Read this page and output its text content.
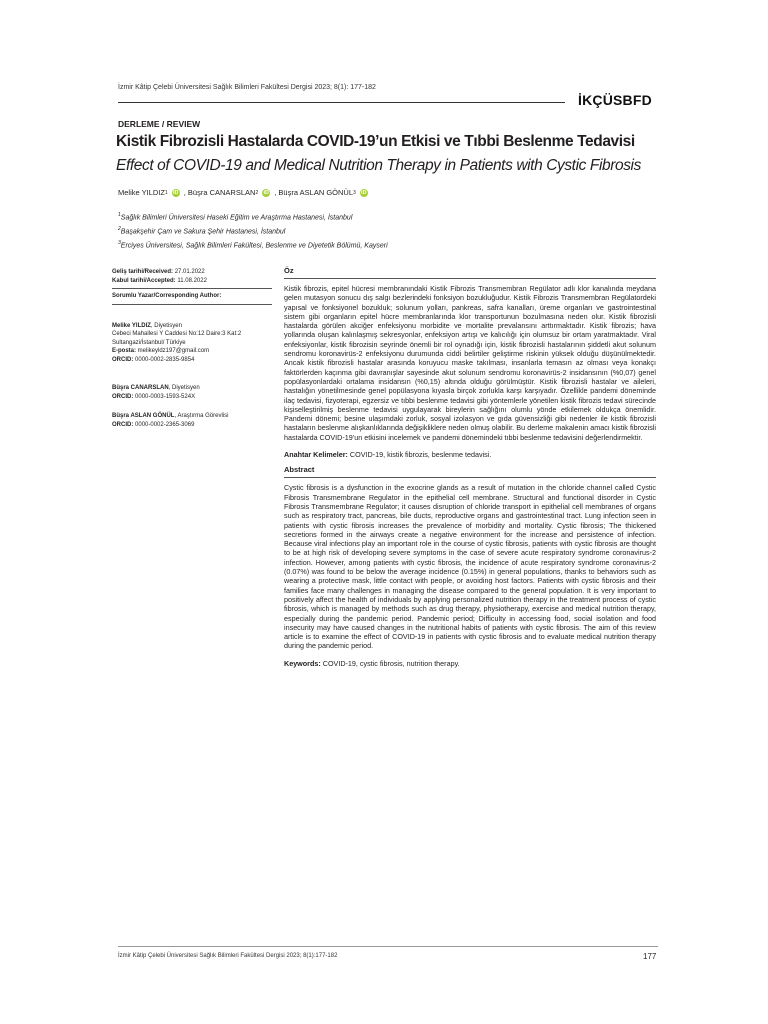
İzmir Kâtip Çelebi Üniversitesi Sağlık Bilimleri Fakültesi Dergisi 2023; 8(1): 177-182
İKÇÜSBFD
DERLEME / REVIEW
Kistik Fibrozisli Hastalarda COVID-19’un Etkisi ve Tıbbi Beslenme Tedavisi
Effect of COVID-19 and Medical Nutrition Therapy in Patients with Cystic Fibrosis
Melike YILDIZ 1 iD , Büşra CANARSLAN 2 iD , Büşra ASLAN GÖNÜL 3 iD
$^1$Sağlık Bilimleri Üniversitesi Haseki Eğitim ve Araştırma Hastanesi, İstanbul
$^2$Başakşehir Çam ve Sakura Şehir Hastanesi, İstanbul
$^3$Erciyes Üniversitesi, Sağlık Bilimleri Fakültesi, Beslenme ve Diyetetik Bölümü, Kayseri
Geliş tarihi/Received: 27.01.2022
Kabul tarihi/Accepted: 11.08.2022
Sorumlu Yazar/Corresponding Author:
Melike YILDIZ, Diyetisyen
Cebeci Mahallesi Y Caddesi No:12 Daire:3 Kat:2
Sultangazi/İstanbul/ Türkiye
E-posta: melikeyldz197@gmail.com
ORCID: 0000-0002-2835-9854
Büşra CANARSLAN, Diyetisyen
ORCID: 0000-0003-1593-524X
Büşra ASLAN GÖNÜL, Araştırma Görevlisi
ORCID: 0000-0002-2365-3069
Öz
Kistik fibrozis, epitel hücresi membranındaki Kistik Fibrozis Transmembran Regülator adlı klor kanalında meydana gelen mutasyon sonucu dış salgı bezlerindeki fonksiyon bozukluğudur. Kistik Fibrozis Transmembran Regülatordeki yapısal ve fonksiyonel bozukluk; solunum yolları, pankreas, safra kanalları, üreme organları ve gastrointestinal sistem gibi organların epitel hücre membranlarında klor transportunun bozulmasına neden olur. Kistik fibrozisli hastalarda görülen akciğer enfeksiyonu morbidite ve mortalite prevalansını arttırmaktadır. Kistik fibrozis; hava yollarında oluşan kalınlaşmış sekresyonlar, enfeksiyon artışı ve kalıcılığı için olumsuz bir ortam yaratmaktadır. Viral enfeksiyonlar, kistik fibrozisin seyrinde önemli bir rol oynadığı için, kistik fibrozisli hastalarının şiddetli akut solunum sendromu koronavirüs-2 enfeksiyonu durumunda ciddi belirtiler geliştirme riskinin yüksek olduğu düşünülmektedir. Ancak kistik fibrozisli hastalar arasında koruyucu maske takılması, insanlarla temasın az olması veya konakçı faktörlerden kaçınma gibi davranışlar sayesinde akut solunum sendromu koronavirüs-2 insidansının (%0,07) genel popülasyonlardaki ortalama insidansın (%0,15) altında olduğu görülmüştür. Kistik fibrozisli hastalar ve aileleri, hastalığın yönetilmesinde genel popülasyona kıyasla birçok zorlukla karşı karşıyadır. Özellikle pandemi döneminde ilaç tedavisi, fizyoterapi, egzersiz ve tıbbi beslenme tedavisi gibi yöntemlerle yönetilen kistik fibrozis tedavi sürecinde kişiselleştirilmiş beslenme tedavisi uygulayarak bireylerin sağlığını olumlu yönde etkilemek oldukça önemlidir. Pandemi dönemi; besine ulaşımdaki zorluk, sosyal izolasyon ve gıda güvensizliği gibi nedenler ile kistik fibrozisli hastaların beslenme alışkanlıklarında değişikliklere neden olmuş olabilir. Bu derleme makalenin amacı kistik fibrozisli hastalarda COVID-19’un etkisini incelemek ve pandemi dönemindeki tıbbi beslenme tedavisini değerlendirmektir.
Anahtar Kelimeler: COVID-19, kistik fibrozis, beslenme tedavisi.
Abstract
Cystic fibrosis is a dysfunction in the exocrine glands as a result of mutation in the chloride channel called Cystic Fibrosis Transmembrane Regulator in the epithelial cell membrane. Structural and functional disorder in Cystic Fibrosis Transmembrane Regulator; it causes disruption of chloride transport in epithelial cell membranes of organs such as respiratory tract, pancreas, bile ducts, reproductive organs and gastrointestinal tract. Lung infection seen in patients with cystic fibrosis increases the prevalence of morbidity and mortality. Cystic fibrosis; The thickened secretions formed in the airways create a negative environment for the increase and persistence of infection. Because viral infections play an important role in the course of cystic fibrosis, patients with cystic fibrosis are thought to be at high risk of developing severe symptoms in the case of severe acute respiratory syndrome coronavirus-2 infection. However, among patients with cystic fibrosis, the incidence of acute respiratory syndrome coronavirus-2 (0.07%) was found to be below the average incidence (0.15%) in general populations, thanks to behaviors such as wearing a protective mask, little contact with people, or avoiding host factors. Patients with cystic fibrosis and their families face many challenges in managing the disease compared to the general population. It is very important to positively affect the health of individuals by applying personalized nutrition therapy in the treatment process of cystic fibrosis, which is managed by methods such as drug therapy, physiotherapy, exercise and medical nutrition therapy, especially during the pandemic period. Pandemic period; Difficulty in accessing food, social isolation and food insecurity may have caused changes in the nutritional habits of patients with cystic fibrosis. The aim of this review article is to examine the effect of COVID-19 in patients with cystic fibrosis and to evaluate medical nutrition therapy during the pandemic period.
Keywords: COVID-19, cystic fibrosis, nutrition therapy.
İzmir Kâtip Çelebi Üniversitesi Sağlık Bilimleri Fakültesi Dergisi 2023; 8(1):177-182	177
